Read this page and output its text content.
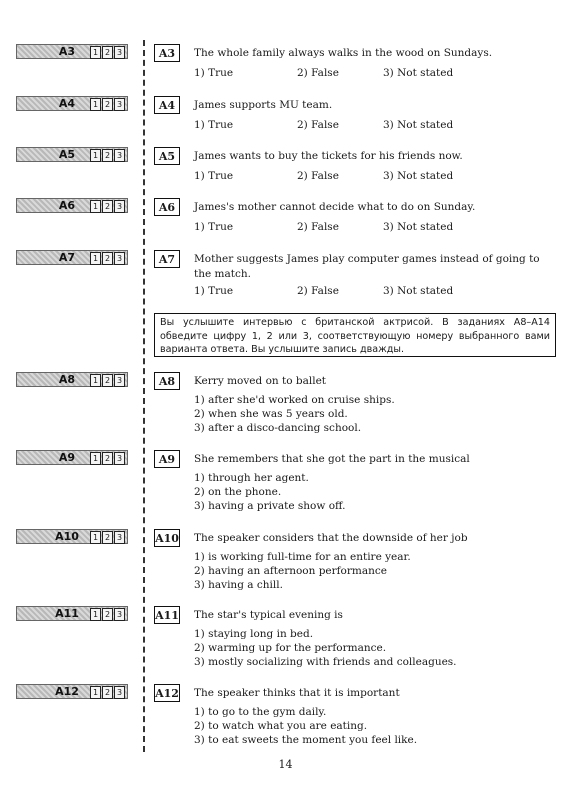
A3	1 2 3
A4	1 2 3
A5	1 2 3
A6	1 2 3
A7	1 2 3
A8	1 2 3
A9	1 2 3
A10	1 2 3
A11	1 2 3
A12	1 2 3
A3	The whole family always walks in the wood on Sundays.
1) True	2) False	3) Not stated
A4	James supports MU team.
1) True	2) False	3) Not stated
A5	James wants to buy the tickets for his friends now.
1) True	2) False	3) Not stated
A6	James's mother cannot decide what to do on Sunday.
1) True	2) False	3) Not stated
A7	Mother suggests James play computer games instead of going to the match.
1) True	2) False	3) Not stated
Вы услышите интервью с британской актрисой. В заданиях А8–А14 обведите цифру 1, 2 или 3, соответствующую номеру выбранного вами варианта ответа. Вы услышите запись дважды.
A8	Kerry moved on to ballet
1) after she'd worked on cruise ships.
2) when she was 5 years old.
3) after a disco-dancing school.
A9	She remembers that she got the part in the musical
1) through her agent.
2) on the phone.
3) having a private show off.
A10 The speaker considers that the downside of her job
1) is working full-time for an entire year.
2) having an afternoon performance
3) having a chill.
A11 The star's typical evening is
1) staying long in bed.
2) warming up for the performance.
3) mostly socializing with friends and colleagues.
A12 The speaker thinks that it is important
1) to go to the gym daily.
2) to watch what you are eating.
3) to eat sweets the moment you feel like.
14
